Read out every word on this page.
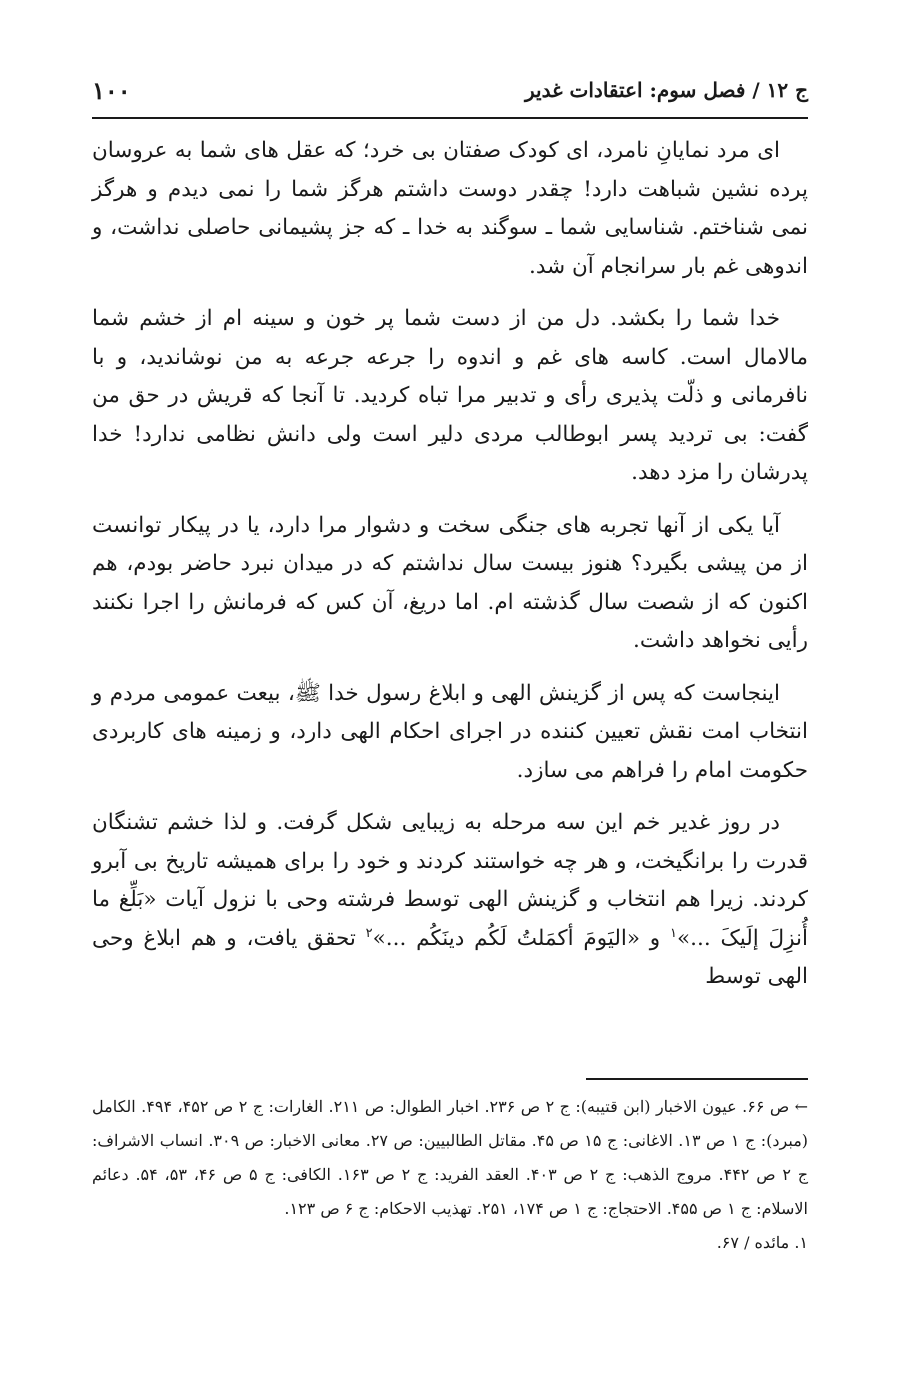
ج ۱۲ / فصل سوم: اعتقادات غدیر
۱۰۰

ای مرد نمایانِ نامرد، ای کودک صفتان بی خرد؛ که عقل های شما به عروسان پرده نشین شباهت دارد! چقدر دوست داشتم هرگز شما را نمی دیدم و هرگز نمی شناختم. شناسایی شما ـ سوگند به خدا ـ که جز پشیمانی حاصلی نداشت، و اندوهی غم بار سرانجام آن شد.

خدا شما را بکشد. دل من از دست شما پر خون و سینه ام از خشم شما مالامال است. کاسه های غم و اندوه را جرعه جرعه به من نوشاندید، و با نافرمانی و ذلّت پذیری رأی و تدبیر مرا تباه کردید. تا آنجا که قریش در حق من گفت: بی تردید پسر ابوطالب مردی دلیر است ولی دانش نظامی ندارد! خدا پدرشان را مزد دهد.

آیا یکی از آنها تجربه های جنگی سخت و دشوار مرا دارد، یا در پیکار توانست از من پیشی بگیرد؟ هنوز بیست سال نداشتم که در میدان نبرد حاضر بودم، هم اکنون که از شصت سال گذشته ام. اما دریغ، آن کس که فرمانش را اجرا نکنند رأیی نخواهد داشت.

اینجاست که پس از گزینش الهی و ابلاغ رسول خدا ﷺ، بیعت عمومی مردم و انتخاب امت نقش تعیین کننده در اجرای احکام الهی دارد، و زمینه های کاربردی حکومت امام را فراهم می سازد.

در روز غدیر خم این سه مرحله به زیبایی شکل گرفت. و لذا خشم تشنگان قدرت را برانگیخت، و هر چه خواستند کردند و خود را برای همیشه تاریخ بی آبرو کردند. زیرا هم انتخاب و گزینش الهی توسط فرشته وحی با نزول آیات «بَلِّغ ما أُنزِلَ إلَیکَ ...»$^۱$ و «الیَومَ أکمَلتُ لَکُم دینَکُم ...»$^۲$ تحقق یافت، و هم ابلاغ وحی الهی توسط

← ص ۶۶. عیون الاخبار (ابن قتیبه): ج ۲ ص ۲۳۶. اخبار الطوال: ص ۲۱۱. الغارات: ج ۲ ص ۴۵۲، ۴۹۴. الکامل (مبرد): ج ۱ ص ۱۳. الاغانی: ج ۱۵ ص ۴۵. مقاتل الطالبیین: ص ۲۷. معانی الاخبار: ص ۳۰۹. انساب الاشراف: ج ۲ ص ۴۴۲. مروج الذهب: ج ۲ ص ۴۰۳. العقد الفرید: ج ۲ ص ۱۶۳. الکافی: ج ۵ ص ۴۶، ۵۳، ۵۴. دعائم الاسلام: ج ۱ ص ۴۵۵. الاحتجاج: ج ۱ ص ۱۷۴، ۲۵۱. تهذیب الاحکام: ج ۶ ص ۱۲۳.

۱. مائده / ۶۷.
